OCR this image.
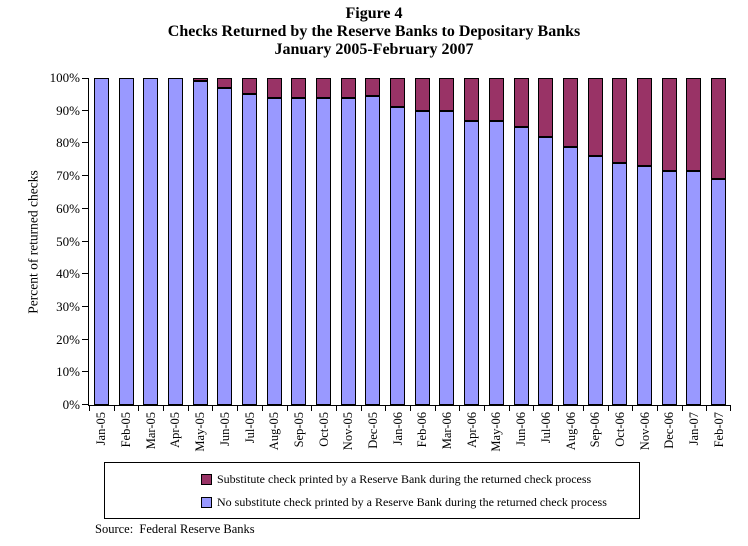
Figure 4
Checks Returned by the Reserve Banks to Depositary Banks
January 2005-February 2007
Percent of returned checks
0%
10%
20%
30%
40%
50%
60%
70%
80%
90%
100%
Jan-05 Feb-05 Mar-05 Apr-05 May-05 Jun-05 Jul-05 Aug-05 Sep-05 Oct-05 Nov-05 Dec-05 Jan-06 Feb-06 Mar-06 Apr-06 May-06 Jun-06 Jul-06 Aug-06 Sep-06 Oct-06 Nov-06 Dec-06 Jan-07 Feb-07
Substitute check printed by a Reserve Bank during the returned check process
No substitute check printed by a Reserve Bank during the returned check process
Source:  Federal Reserve Banks
